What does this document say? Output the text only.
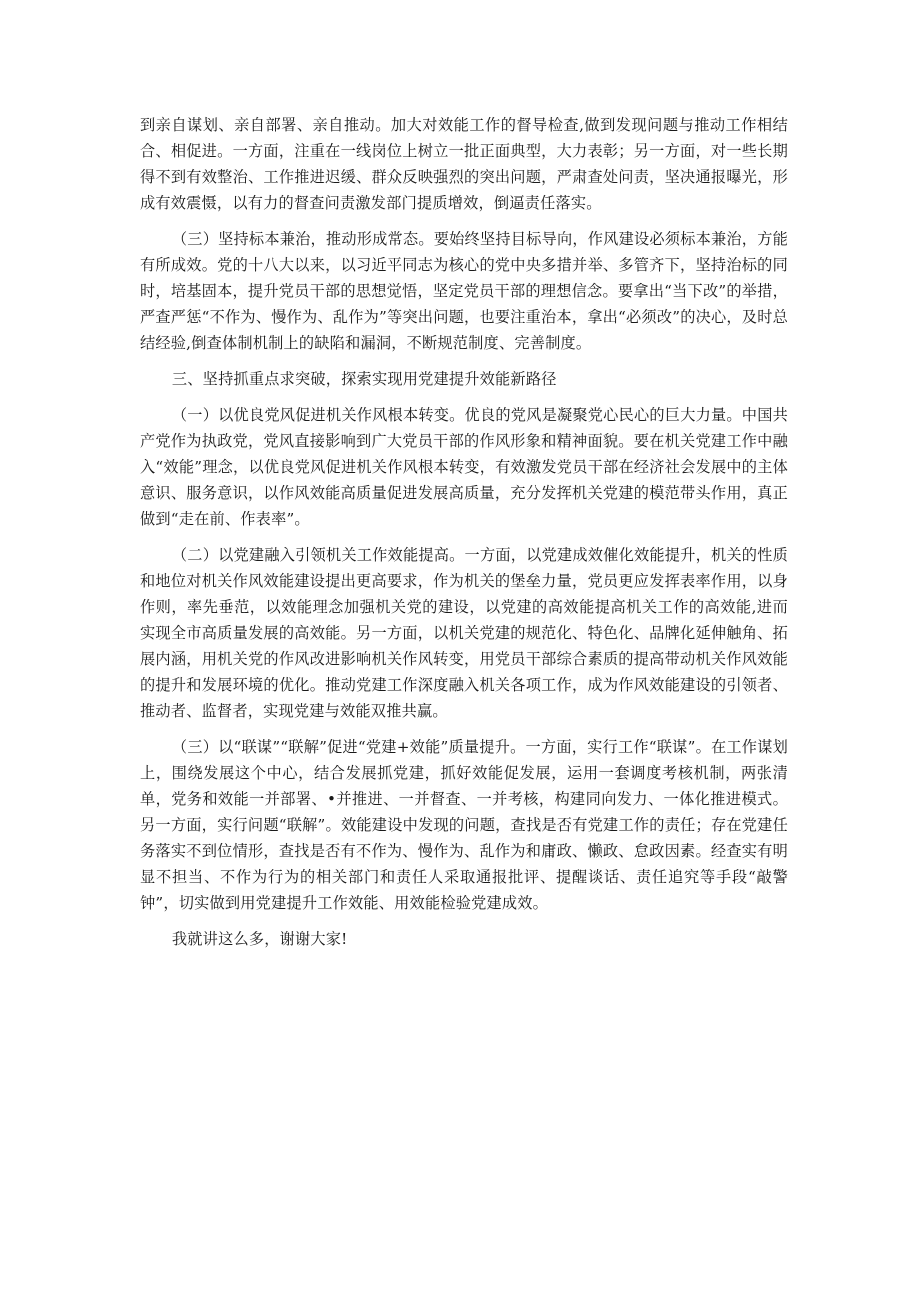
到亲自谋划、亲自部署、亲自推动。加大对效能工作的督导检查,做到发现问题与推动工作相结合、相促进。一方面，注重在一线岗位上树立一批正面典型，大力表彰；另一方面，对一些长期得不到有效整治、工作推进迟缓、群众反映强烈的突出问题，严肃查处问责，坚决通报曝光，形成有效震慑，以有力的督查问责激发部门提质增效，倒逼责任落实。

（三）坚持标本兼治，推动形成常态。要始终坚持目标导向，作风建设必须标本兼治，方能有所成效。党的十八大以来，以习近平同志为核心的党中央多措并举、多管齐下，坚持治标的同时，培基固本，提升党员干部的思想觉悟，坚定党员干部的理想信念。要拿出“当下改”的举措，严查严惩“不作为、慢作为、乱作为”等突出问题，也要注重治本，拿出“必须改”的决心，及时总结经验,倒查体制机制上的缺陷和漏洞，不断规范制度、完善制度。

三、坚持抓重点求突破，探索实现用党建提升效能新路径

（一）以优良党风促进机关作风根本转变。优良的党风是凝聚党心民心的巨大力量。中国共产党作为执政党，党风直接影响到广大党员干部的作风形象和精神面貌。要在机关党建工作中融入“效能”理念，以优良党风促进机关作风根本转变，有效激发党员干部在经济社会发展中的主体意识、服务意识，以作风效能高质量促进发展高质量，充分发挥机关党建的模范带头作用，真正做到“走在前、作表率”。

（二）以党建融入引领机关工作效能提高。一方面，以党建成效催化效能提升，机关的性质和地位对机关作风效能建设提出更高要求，作为机关的堡垒力量，党员更应发挥表率作用，以身作则，率先垂范，以效能理念加强机关党的建设，以党建的高效能提高机关工作的高效能,进而实现全市高质量发展的高效能。另一方面，以机关党建的规范化、特色化、品牌化延伸触角、拓展内涵，用机关党的作风改进影响机关作风转变，用党员干部综合素质的提高带动机关作风效能的提升和发展环境的优化。推动党建工作深度融入机关各项工作，成为作风效能建设的引领者、推动者、监督者，实现党建与效能双推共赢。

（三）以“联谋”“联解”促进“党建+效能”质量提升。一方面，实行工作“联谋”。在工作谋划上，围绕发展这个中心，结合发展抓党建，抓好效能促发展，运用一套调度考核机制，两张清单，党务和效能一并部署、•并推进、一并督查、一并考核，构建同向发力、一体化推进模式。另一方面，实行问题“联解”。效能建设中发现的问题，查找是否有党建工作的责任；存在党建任务落实不到位情形，查找是否有不作为、慢作为、乱作为和庸政、懒政、怠政因素。经查实有明显不担当、不作为行为的相关部门和责任人采取通报批评、提醒谈话、责任追究等手段“敲警钟”，切实做到用党建提升工作效能、用效能检验党建成效。

我就讲这么多，谢谢大家!
